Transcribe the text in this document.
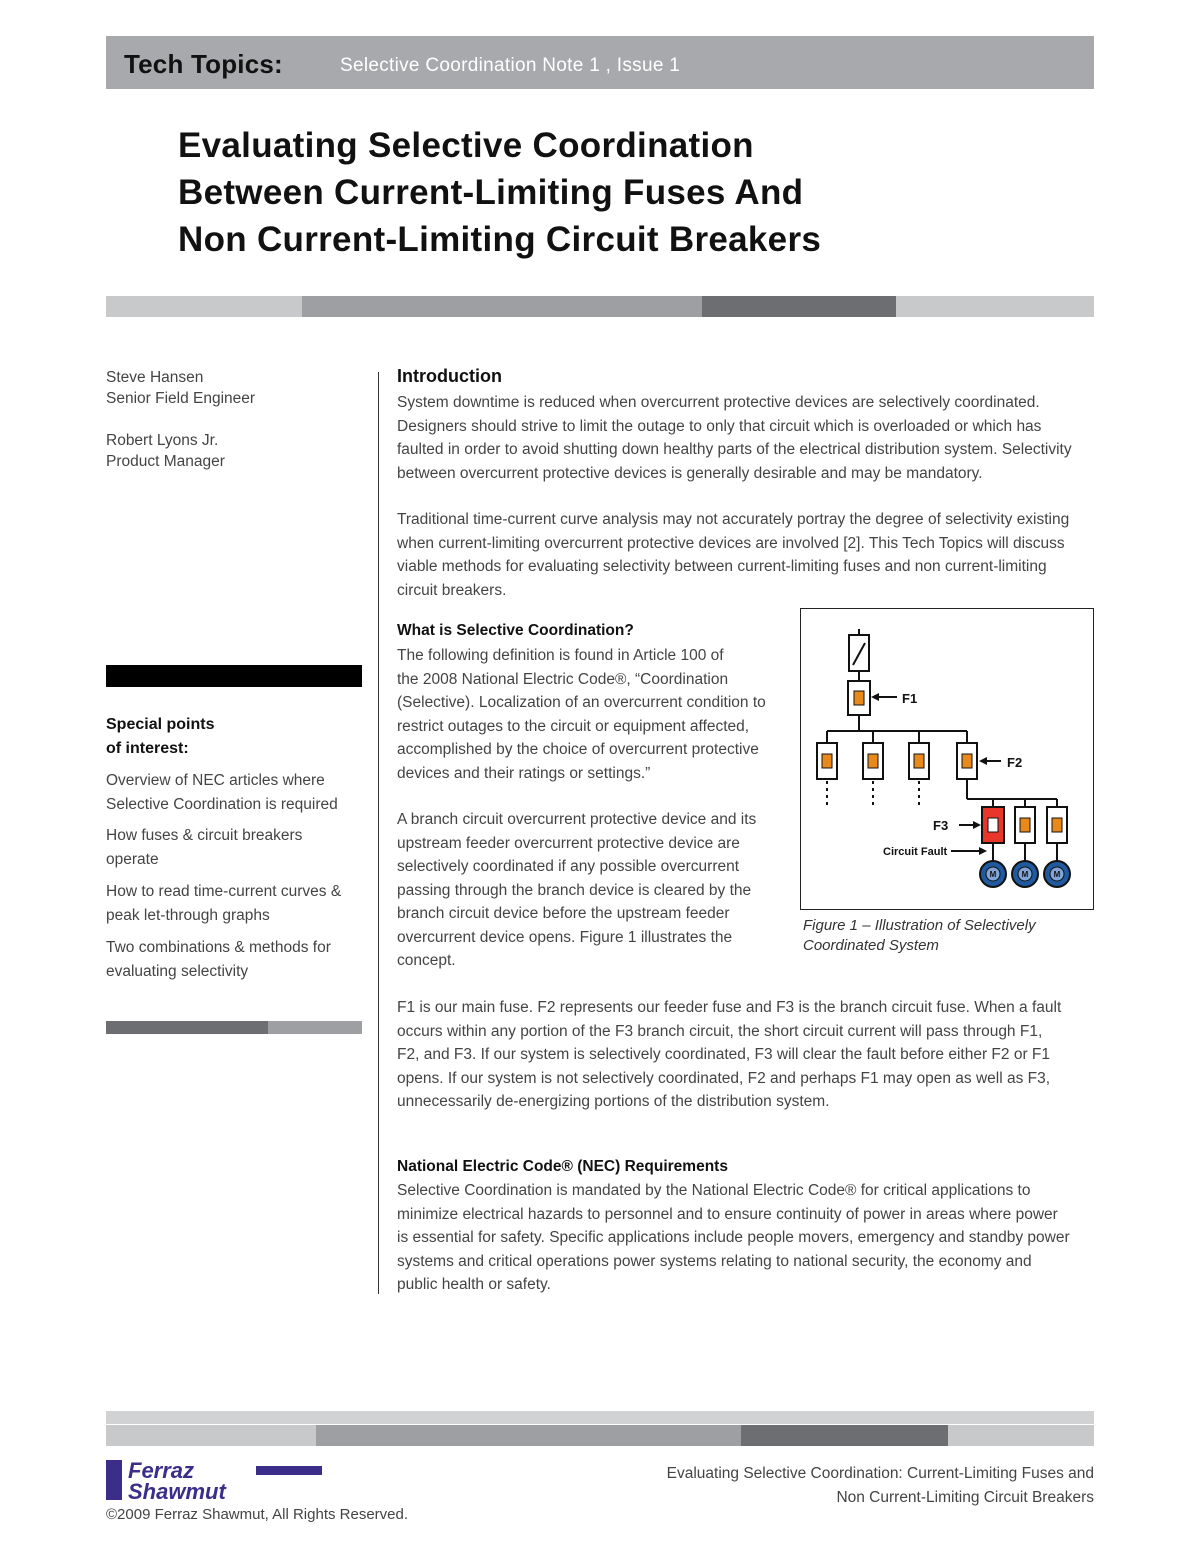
Tech Topics:	Selective Coordination Note 1 , Issue 1
Evaluating Selective Coordination
Between Current-Limiting Fuses And
Non Current-Limiting Circuit Breakers
Steve Hansen
Senior Field Engineer
Robert Lyons Jr.
Product Manager
Special points
of interest:
Overview of NEC articles where
Selective Coordination is required
How fuses & circuit breakers
operate
How to read time-current curves &
peak let-through graphs
Two combinations & methods for
evaluating selectivity
Introduction
System downtime is reduced when overcurrent protective devices are selectively coordinated.
Designers should strive to limit the outage to only that circuit which is overloaded or which has
faulted in order to avoid shutting down healthy parts of the electrical distribution system. Selectivity
between overcurrent protective devices is generally desirable and may be mandatory.
Traditional time-current curve analysis may not accurately portray the degree of selectivity existing
when current-limiting overcurrent protective devices are involved [2]. This Tech Topics will discuss
viable methods for evaluating selectivity between current-limiting fuses and non current-limiting
circuit breakers.
What is Selective Coordination?
The following definition is found in Article 100 of
the 2008 National Electric Code®, “Coordination
(Selective). Localization of an overcurrent condition to
restrict outages to the circuit or equipment affected,
accomplished by the choice of overcurrent protective
devices and their ratings or settings.”
A branch circuit overcurrent protective device and its
upstream feeder overcurrent protective device are
selectively coordinated if any possible overcurrent
passing through the branch device is cleared by the
branch circuit device before the upstream feeder
overcurrent device opens. Figure 1 illustrates the
concept.
M	M	M
F1
F2
F3
Circuit Fault
Figure 1 – Illustration of Selectively
Coordinated System
F1 is our main fuse. F2 represents our feeder fuse and F3 is the branch circuit fuse. When a fault
occurs within any portion of the F3 branch circuit, the short circuit current will pass through F1,
F2, and F3. If our system is selectively coordinated, F3 will clear the fault before either F2 or F1
opens. If our system is not selectively coordinated, F2 and perhaps F1 may open as well as F3,
unnecessarily de-energizing portions of the distribution system.
National Electric Code® (NEC) Requirements
Selective Coordination is mandated by the National Electric Code® for critical applications to
minimize electrical hazards to personnel and to ensure continuity of power in areas where power
is essential for safety. Specific applications include people movers, emergency and standby power
systems and critical operations power systems relating to national security, the economy and
public health or safety.
Ferraz
Shawmut
Evaluating Selective Coordination: Current-Limiting Fuses and
Non Current-Limiting Circuit Breakers
©2009 Ferraz Shawmut, All Rights Reserved.
